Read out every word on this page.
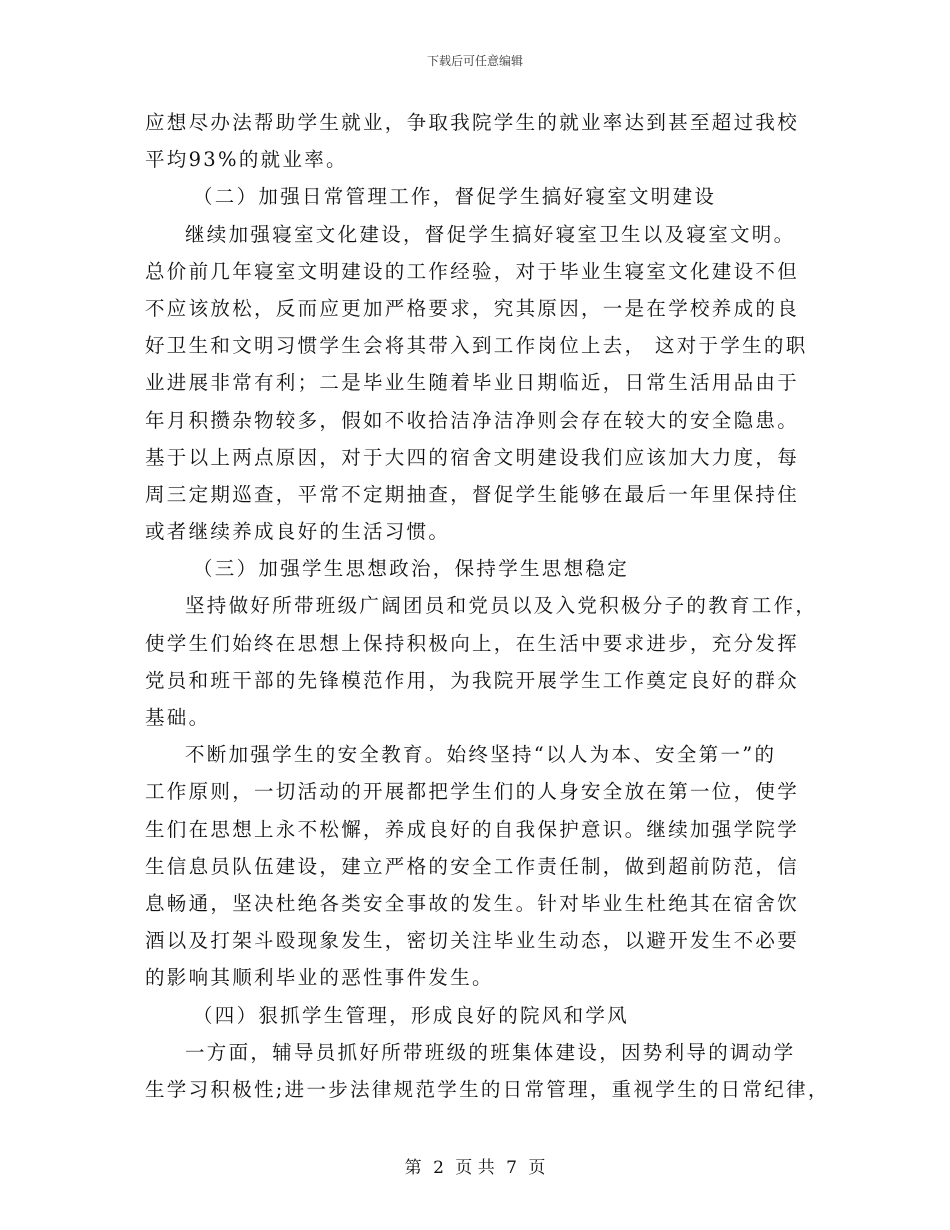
下载后可任意编辑
应想尽办法帮助学生就业，争取我院学生的就业率达到甚至超过我校
平均93%的就业率。
（二）加强日常管理工作，督促学生搞好寝室文明建设
继续加强寝室文化建设，督促学生搞好寝室卫生以及寝室文明。
总价前几年寝室文明建设的工作经验，对于毕业生寝室文化建设不但
不应该放松，反而应更加严格要求，究其原因，一是在学校养成的良
好卫生和文明习惯学生会将其带入到工作岗位上去， 这对于学生的职
业进展非常有利；二是毕业生随着毕业日期临近，日常生活用品由于
年月积攒杂物较多，假如不收拾洁净洁净则会存在较大的安全隐患。
基于以上两点原因，对于大四的宿舍文明建设我们应该加大力度，每
周三定期巡查，平常不定期抽查，督促学生能够在最后一年里保持住
或者继续养成良好的生活习惯。
（三）加强学生思想政治，保持学生思想稳定
坚持做好所带班级广阔团员和党员以及入党积极分子的教育工作，
使学生们始终在思想上保持积极向上，在生活中要求进步，充分发挥
党员和班干部的先锋模范作用，为我院开展学生工作奠定良好的群众
基础。
不断加强学生的安全教育。始终坚持“以人为本、安全第一”的
工作原则，一切活动的开展都把学生们的人身安全放在第一位，使学
生们在思想上永不松懈，养成良好的自我保护意识。继续加强学院学
生信息员队伍建设，建立严格的安全工作责任制，做到超前防范，信
息畅通，坚决杜绝各类安全事故的发生。针对毕业生杜绝其在宿舍饮
酒以及打架斗殴现象发生，密切关注毕业生动态，以避开发生不必要
的影响其顺利毕业的恶性事件发生。
（四）狠抓学生管理，形成良好的院风和学风
一方面，辅导员抓好所带班级的班集体建设，因势利导的调动学
生学习积极性;进一步法律规范学生的日常管理，重视学生的日常纪律，
第 2 页 共 7 页
